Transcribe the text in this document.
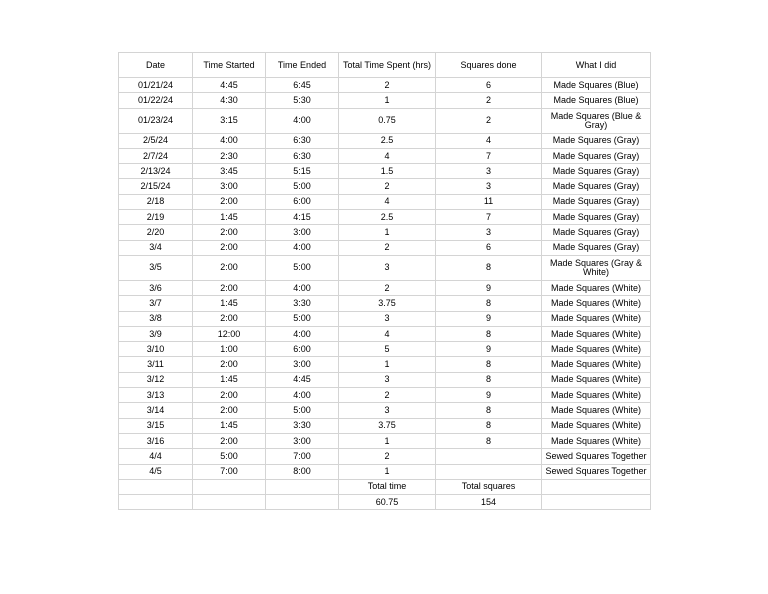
Date	Time Started	Time Ended	Total Time Spent (hrs)	Squares done	What I did
01/21/24	4:45	6:45	2	6	Made Squares (Blue)
01/22/24	4:30	5:30	1	2	Made Squares (Blue)
01/23/24	3:15	4:00	0.75	2	Made Squares (Blue & Gray)
2/5/24	4:00	6:30	2.5	4	Made Squares (Gray)
2/7/24	2:30	6:30	4	7	Made Squares (Gray)
2/13/24	3:45	5:15	1.5	3	Made Squares (Gray)
2/15/24	3:00	5:00	2	3	Made Squares (Gray)
2/18	2:00	6:00	4	11	Made Squares (Gray)
2/19	1:45	4:15	2.5	7	Made Squares (Gray)
2/20	2:00	3:00	1	3	Made Squares (Gray)
3/4	2:00	4:00	2	6	Made Squares (Gray)
3/5	2:00	5:00	3	8	Made Squares (Gray & White)
3/6	2:00	4:00	2	9	Made Squares (White)
3/7	1:45	3:30	3.75	8	Made Squares (White)
3/8	2:00	5:00	3	9	Made Squares (White)
3/9	12:00	4:00	4	8	Made Squares (White)
3/10	1:00	6:00	5	9	Made Squares (White)
3/11	2:00	3:00	1	8	Made Squares (White)
3/12	1:45	4:45	3	8	Made Squares (White)
3/13	2:00	4:00	2	9	Made Squares (White)
3/14	2:00	5:00	3	8	Made Squares (White)
3/15	1:45	3:30	3.75	8	Made Squares (White)
3/16	2:00	3:00	1	8	Made Squares (White)
4/4	5:00	7:00	2		Sewed Squares Together
4/5	7:00	8:00	1		Sewed Squares Together
			Total time	Total squares	
			60.75	154	
